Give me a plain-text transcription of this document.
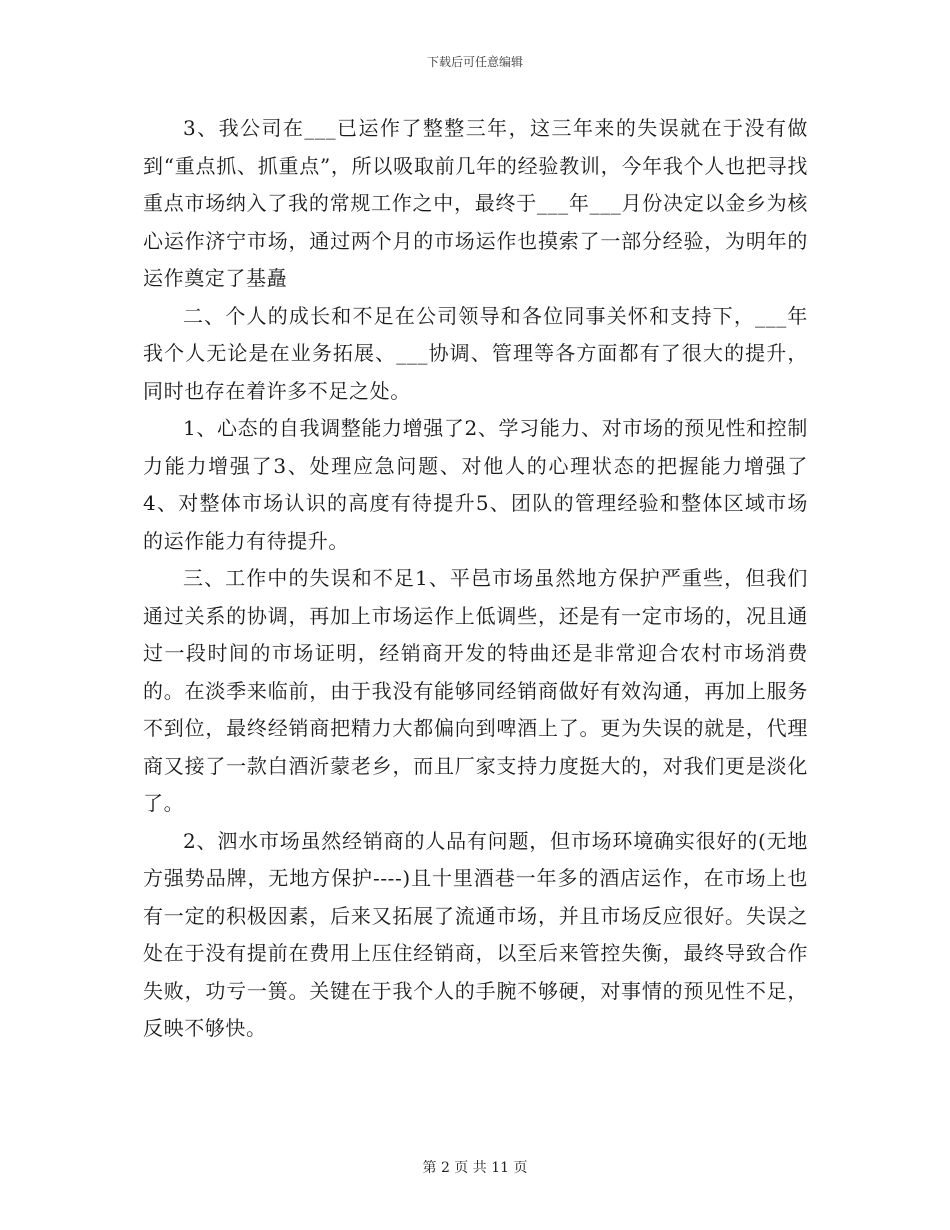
下载后可任意编辑

3、我公司在___已运作了整整三年，这三年来的失误就在于没有做到“重点抓、抓重点”，所以吸取前几年的经验教训，今年我个人也把寻找重点市场纳入了我的常规工作之中，最终于___年___月份决定以金乡为核心运作济宁市场，通过两个月的市场运作也摸索了一部分经验，为明年的运作奠定了基矗

二、个人的成长和不足在公司领导和各位同事关怀和支持下，___年我个人无论是在业务拓展、___协调、管理等各方面都有了很大的提升，同时也存在着许多不足之处。

1、心态的自我调整能力增强了2、学习能力、对市场的预见性和控制力能力增强了3、处理应急问题、对他人的心理状态的把握能力增强了4、对整体市场认识的高度有待提升5、团队的管理经验和整体区域市场的运作能力有待提升。

三、工作中的失误和不足1、平邑市场虽然地方保护严重些，但我们通过关系的协调，再加上市场运作上低调些，还是有一定市场的，况且通过一段时间的市场证明，经销商开发的特曲还是非常迎合农村市场消费的。在淡季来临前，由于我没有能够同经销商做好有效沟通，再加上服务不到位，最终经销商把精力大都偏向到啤酒上了。更为失误的就是，代理商又接了一款白酒沂蒙老乡，而且厂家支持力度挺大的，对我们更是淡化了。

2、泗水市场虽然经销商的人品有问题，但市场环境确实很好的(无地方强势品牌，无地方保护----)且十里酒巷一年多的酒店运作，在市场上也有一定的积极因素，后来又拓展了流通市场，并且市场反应很好。失误之处在于没有提前在费用上压住经销商，以至后来管控失衡，最终导致合作失败，功亏一篑。关键在于我个人的手腕不够硬，对事情的预见性不足，反映不够快。

第 2 页 共 11 页
